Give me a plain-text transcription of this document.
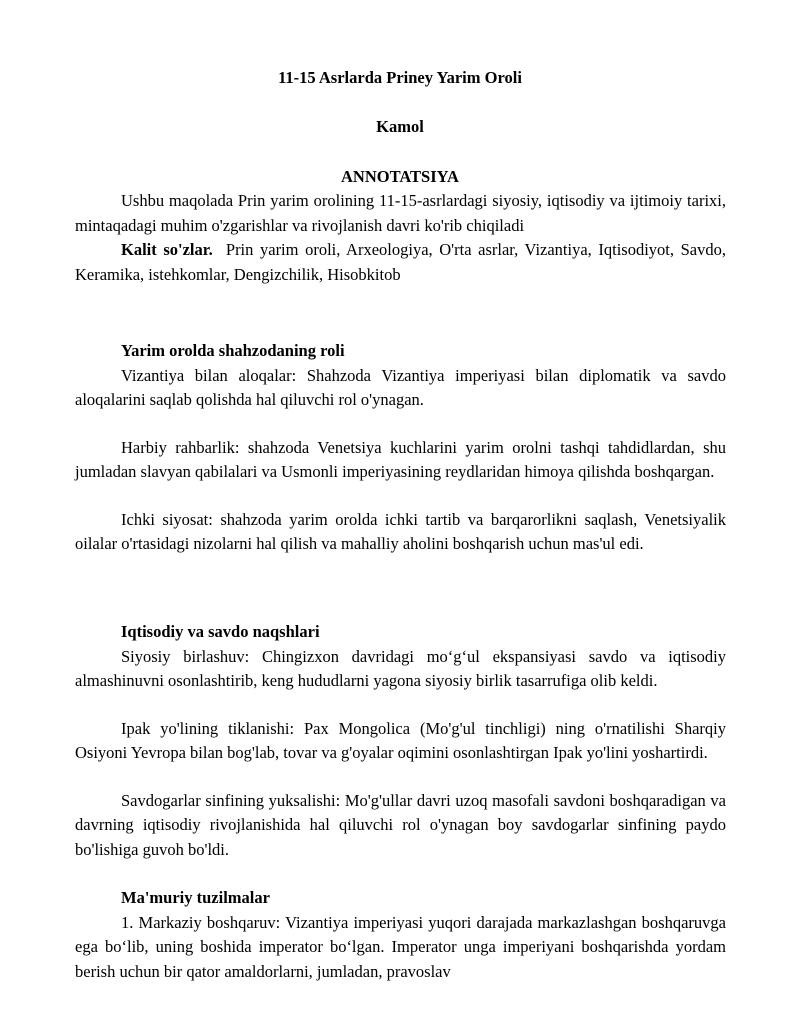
11-15 Asrlarda Priney Yarim Oroli

Kamol

ANNOTATSIYA

Ushbu maqolada Prin yarim orolining 11-15-asrlardagi siyosiy, iqtisodiy va ijtimoiy tarixi, mintaqadagi muhim o'zgarishlar va rivojlanish davri ko'rib chiqiladi

Kalit so'zlar. Prin yarim oroli, Arxeologiya, O'rta asrlar, Vizantiya, Iqtisodiyot, Savdo, Keramika, istehkomlar, Dengizchilik, Hisobkitob

Yarim orolda shahzodaning roli

Vizantiya bilan aloqalar: Shahzoda Vizantiya imperiyasi bilan diplomatik va savdo aloqalarini saqlab qolishda hal qiluvchi rol o'ynagan.

Harbiy rahbarlik: shahzoda Venetsiya kuchlarini yarim orolni tashqi tahdidlardan, shu jumladan slavyan qabilalari va Usmonli imperiyasining reydlaridan himoya qilishda boshqargan.

Ichki siyosat: shahzoda yarim orolda ichki tartib va barqarorlikni saqlash, Venetsiyalik oilalar o'rtasidagi nizolarni hal qilish va mahalliy aholini boshqarish uchun mas'ul edi.

Iqtisodiy va savdo naqshlari

Siyosiy birlashuv: Chingizxon davridagi mo‘g‘ul ekspansiyasi savdo va iqtisodiy almashinuvni osonlashtirib, keng hududlarni yagona siyosiy birlik tasarrufiga olib keldi.

Ipak yo'lining tiklanishi: Pax Mongolica (Mo'g'ul tinchligi) ning o'rnatilishi Sharqiy Osiyoni Yevropa bilan bog'lab, tovar va g'oyalar oqimini osonlashtirgan Ipak yo'lini yoshartirdi.

Savdogarlar sinfining yuksalishi: Mo'g'ullar davri uzoq masofali savdoni boshqaradigan va davrning iqtisodiy rivojlanishida hal qiluvchi rol o'ynagan boy savdogarlar sinfining paydo bo'lishiga guvoh bo'ldi.

Ma'muriy tuzilmalar

1. Markaziy boshqaruv: Vizantiya imperiyasi yuqori darajada markazlashgan boshqaruvga ega bo‘lib, uning boshida imperator bo‘lgan. Imperator unga imperiyani boshqarishda yordam berish uchun bir qator amaldorlarni, jumladan, pravoslav
